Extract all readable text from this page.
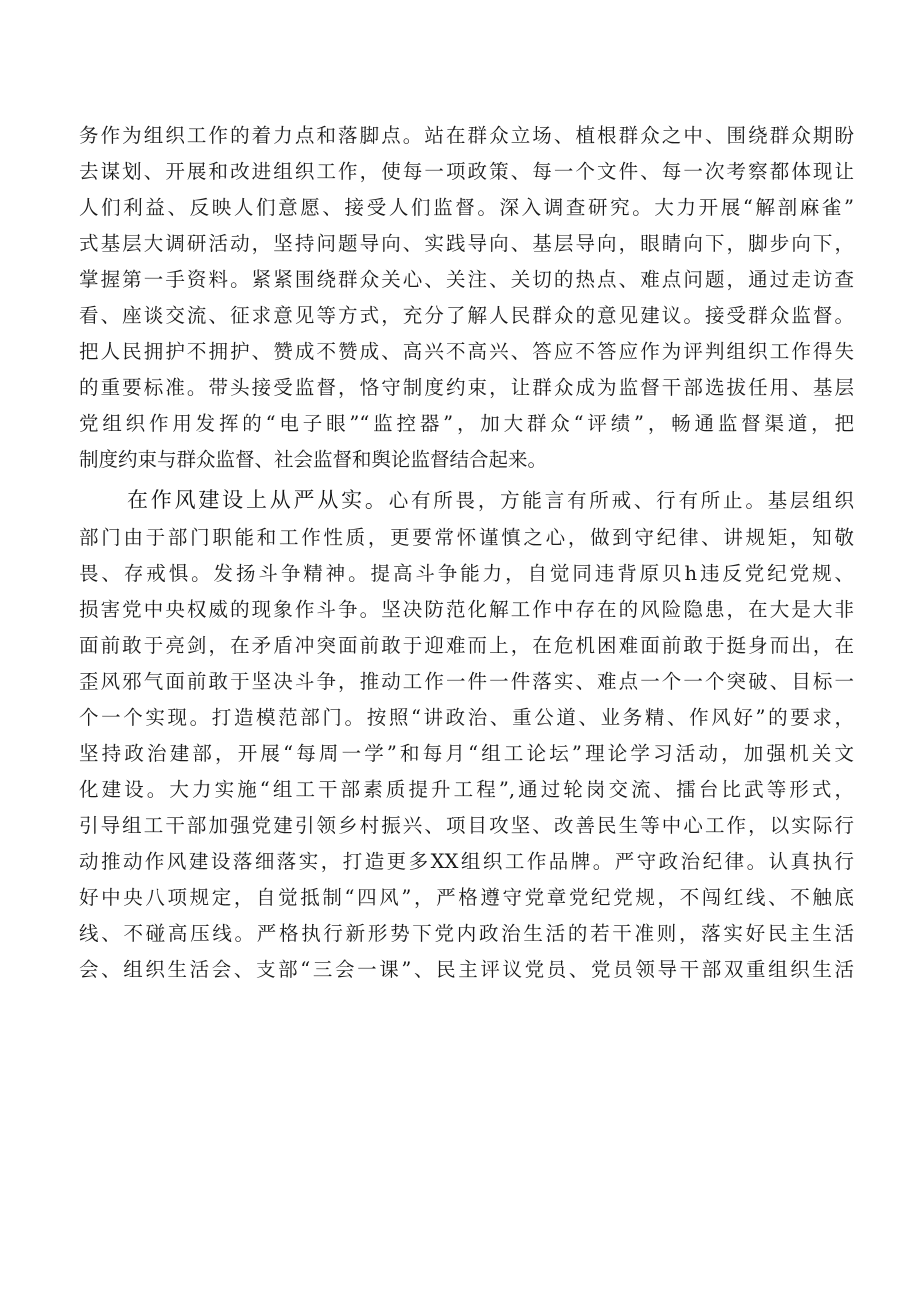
务作为组织工作的着力点和落脚点。站在群众立场、植根群众之中、围绕群众期盼
去谋划、开展和改进组织工作，使每一项政策、每一个文件、每一次考察都体现让
人们利益、反映人们意愿、接受人们监督。深入调查研究。大力开展“解剖麻雀”
式基层大调研活动，坚持问题导向、实践导向、基层导向，眼睛向下，脚步向下，
掌握第一手资料。紧紧围绕群众关心、关注、关切的热点、难点问题，通过走访查
看、座谈交流、征求意见等方式，充分了解人民群众的意见建议。接受群众监督。
把人民拥护不拥护、赞成不赞成、高兴不高兴、答应不答应作为评判组织工作得失
的重要标准。带头接受监督，恪守制度约束，让群众成为监督干部选拔任用、基层
党组织作用发挥的“电子眼”“监控器”，加大群众“评绩”，畅通监督渠道，把
制度约束与群众监督、社会监督和舆论监督结合起来。
在作风建设上从严从实。心有所畏，方能言有所戒、行有所止。基层组织
部门由于部门职能和工作性质，更要常怀谨慎之心，做到守纪律、讲规矩，知敬
畏、存戒惧。发扬斗争精神。提高斗争能力，自觉同违背原贝h违反党纪党规、
损害党中央权威的现象作斗争。坚决防范化解工作中存在的风险隐患，在大是大非
面前敢于亮剑，在矛盾冲突面前敢于迎难而上，在危机困难面前敢于挺身而出，在
歪风邪气面前敢于坚决斗争，推动工作一件一件落实、难点一个一个突破、目标一
个一个实现。打造模范部门。按照“讲政治、重公道、业务精、作风好”的要求，
坚持政治建部，开展“每周一学”和每月“组工论坛”理论学习活动，加强机关文
化建设。大力实施“组工干部素质提升工程”,通过轮岗交流、擂台比武等形式，
引导组工干部加强党建引领乡村振兴、项目攻坚、改善民生等中心工作，以实际行
动推动作风建设落细落实，打造更多XX组织工作品牌。严守政治纪律。认真执行
好中央八项规定，自觉抵制“四风”，严格遵守党章党纪党规，不闯红线、不触底
线、不碰高压线。严格执行新形势下党内政治生活的若干准则，落实好民主生活
会、组织生活会、支部“三会一课”、民主评议党员、党员领导干部双重组织生活
